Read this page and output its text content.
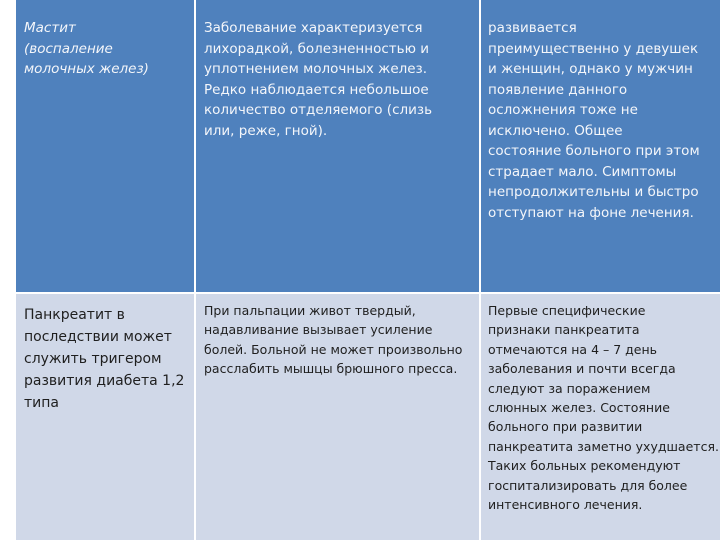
Мастит
(воспаление
молочных желез)
Заболевание характеризуется
лихорадкой, болезненностью и
уплотнением молочных желез.
Редко наблюдается небольшое
количество отделяемого (слизь
или, реже, гной).
развивается
преимущественно у девушек
и женщин, однако у мужчин
появление данного
осложнения тоже не
исключено. Общее
состояние больного при этом
страдает мало. Симптомы
непродолжительны и быстро
отступают на фоне лечения.
Панкреатит в
последствии может
служить тригером
развития диабета 1,2
типа
При пальпации живот твердый,
надавливание вызывает усиление
болей. Больной не может произвольно
расслабить мышцы брюшного пресса.
Первые специфические
признаки панкреатита
отмечаются на 4 – 7 день
заболевания и почти всегда
следуют за поражением
слюнных желез. Состояние
больного при развитии
панкреатита заметно ухудшается.
Таких больных рекомендуют
госпитализировать для более
интенсивного лечения.
